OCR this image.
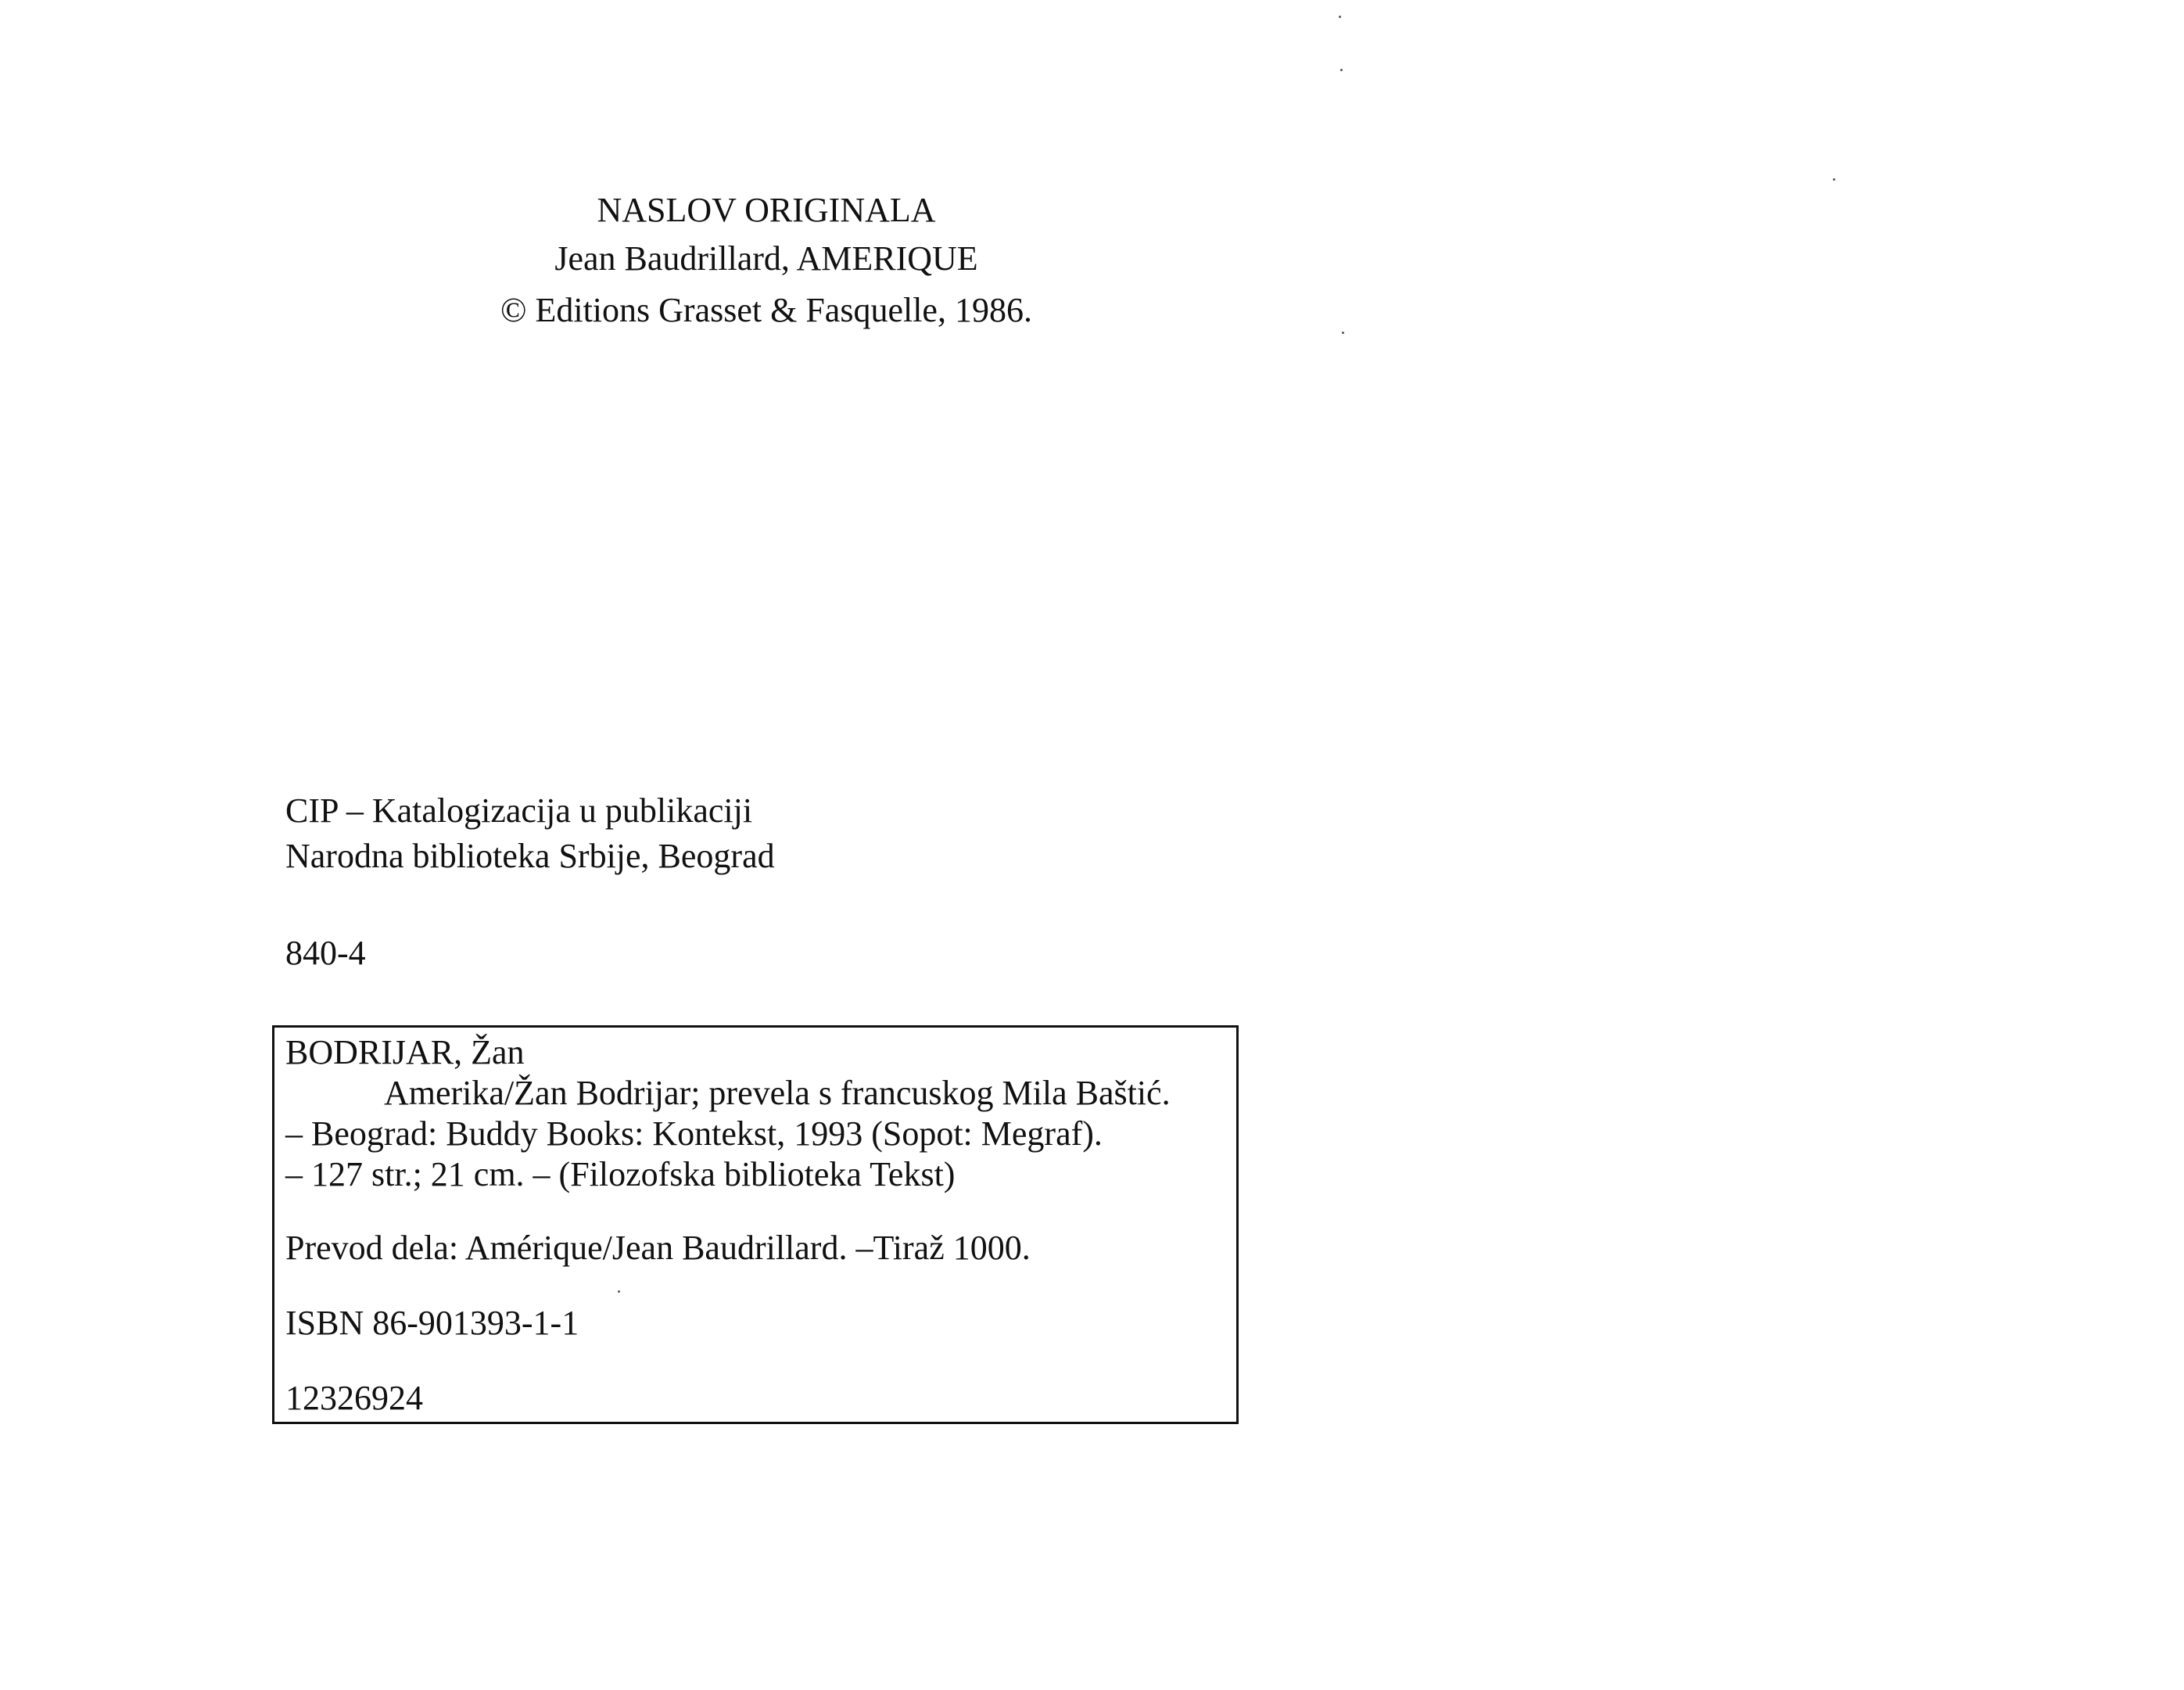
NASLOV ORIGINALA
Jean Baudrillard, AMERIQUE
© Editions Grasset & Fasquelle, 1986.
CIP – Katalogizacija u publikaciji
Narodna biblioteka Srbije, Beograd
840-4
BODRIJAR, Žan
Amerika/Žan Bodrijar; prevela s francuskog Mila Baštić.
– Beograd: Buddy Books: Kontekst, 1993 (Sopot: Megraf).
– 127 str.; 21 cm. – (Filozofska biblioteka Tekst)
Prevod dela: Amérique/Jean Baudrillard. –Tiraž 1000.
ISBN 86-901393-1-1
12326924
